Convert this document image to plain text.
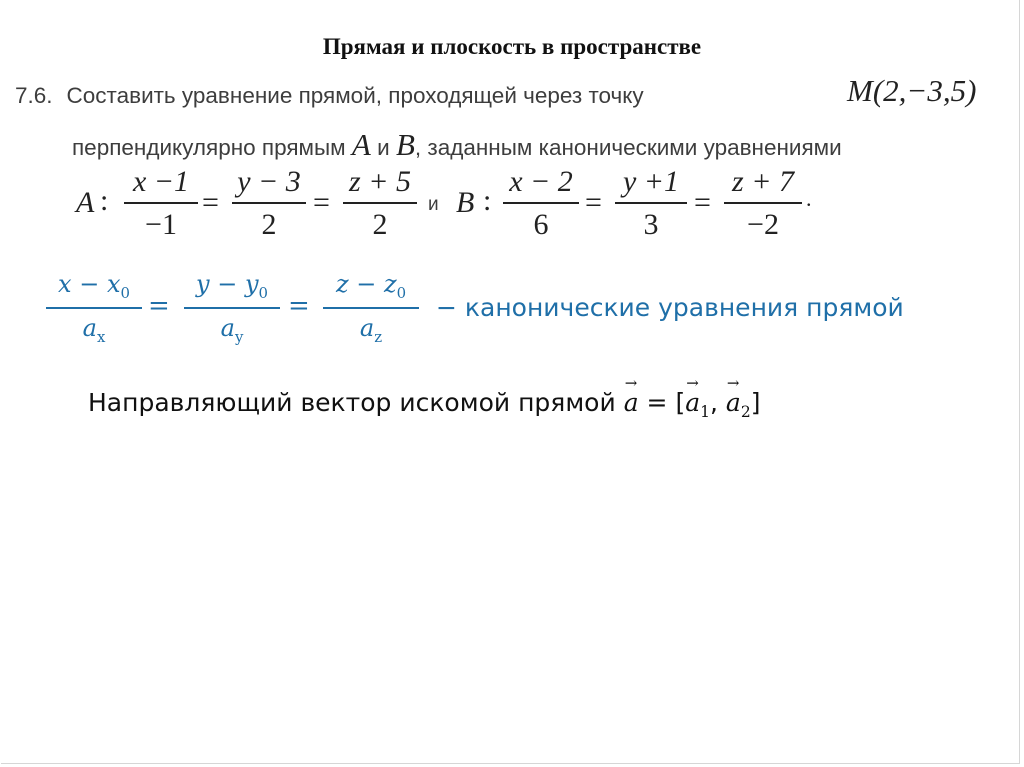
Прямая и плоскость в пространстве
7.6. Составить уравнение прямой, проходящей через точку	M(2,−3,5)
перпендикулярно прямым A и B, заданным каноническими уравнениями
A :
x −1
−1
=
y − 3
2
=
z + 5
2
и B :
x − 2
6
=
y +1
3
=
z + 7
−2
.
$x - x_0$
$a_x$
=
$y - y_0$
$a_y$
=
$z - z_0$
$a_z$
− канонические уравнения прямой
Направляющий вектор искомой прямой
→
a = [
→
$a_1$,
→
$a_2$]
